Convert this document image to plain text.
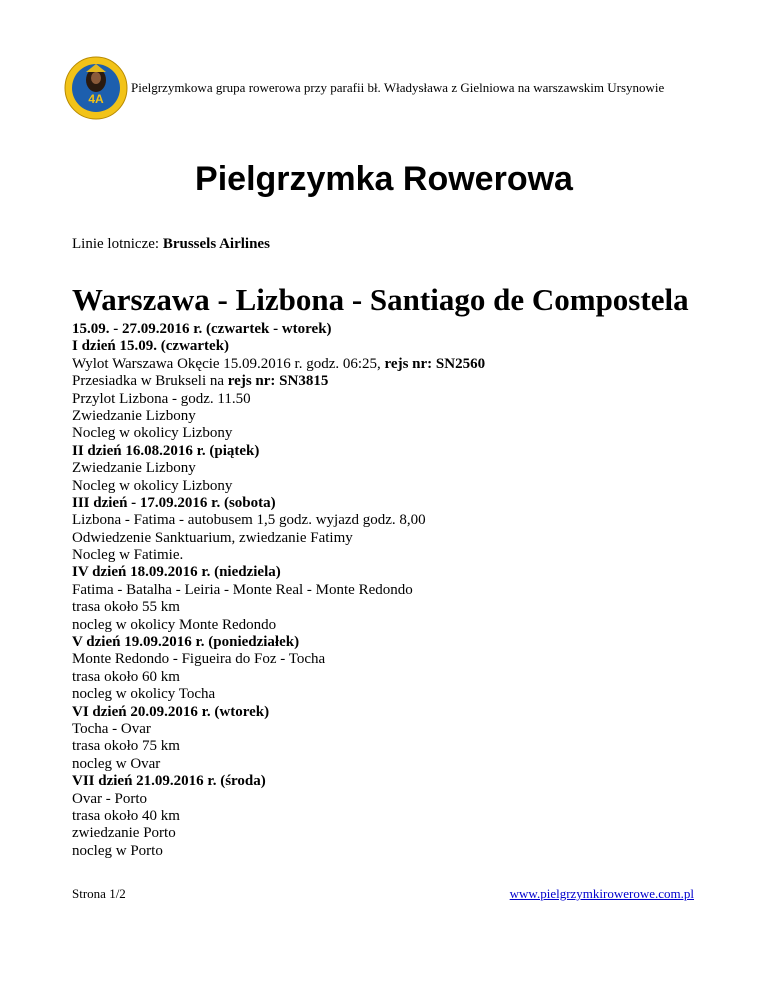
4A
GRUPA ROWEROWA
Pielgrzymkowa grupa rowerowa przy parafii bł. Władysława z Gielniowa na warszawskim Ursynowie
Pielgrzymka Rowerowa
Linie lotnicze: Brussels Airlines
Warszawa - Lizbona - Santiago de Compostela
15.09. - 27.09.2016 r. (czwartek - wtorek)
I dzień 15.09. (czwartek)
Wylot Warszawa Okęcie 15.09.2016 r. godz. 06:25, rejs nr: SN2560
Przesiadka w Brukseli na rejs nr: SN3815
Przylot Lizbona - godz. 11.50
Zwiedzanie Lizbony
Nocleg w okolicy Lizbony
II dzień 16.08.2016 r. (piątek)
Zwiedzanie Lizbony
Nocleg w okolicy Lizbony
III dzień - 17.09.2016 r. (sobota)
Lizbona - Fatima - autobusem 1,5 godz. wyjazd godz. 8,00
Odwiedzenie Sanktuarium, zwiedzanie Fatimy
Nocleg w Fatimie.
IV dzień 18.09.2016 r. (niedziela)
Fatima - Batalha - Leiria - Monte Real - Monte Redondo
trasa około 55 km
nocleg w okolicy Monte Redondo
V dzień 19.09.2016 r. (poniedziałek)
Monte Redondo - Figueira do Foz - Tocha
trasa około 60 km
nocleg w okolicy Tocha
VI dzień 20.09.2016 r. (wtorek)
Tocha - Ovar
trasa około 75 km
nocleg w Ovar
VII dzień 21.09.2016 r. (środa)
Ovar - Porto
trasa około 40 km
zwiedzanie Porto
nocleg w Porto
Strona 1/2	www.pielgrzymkirowerowe.com.pl
